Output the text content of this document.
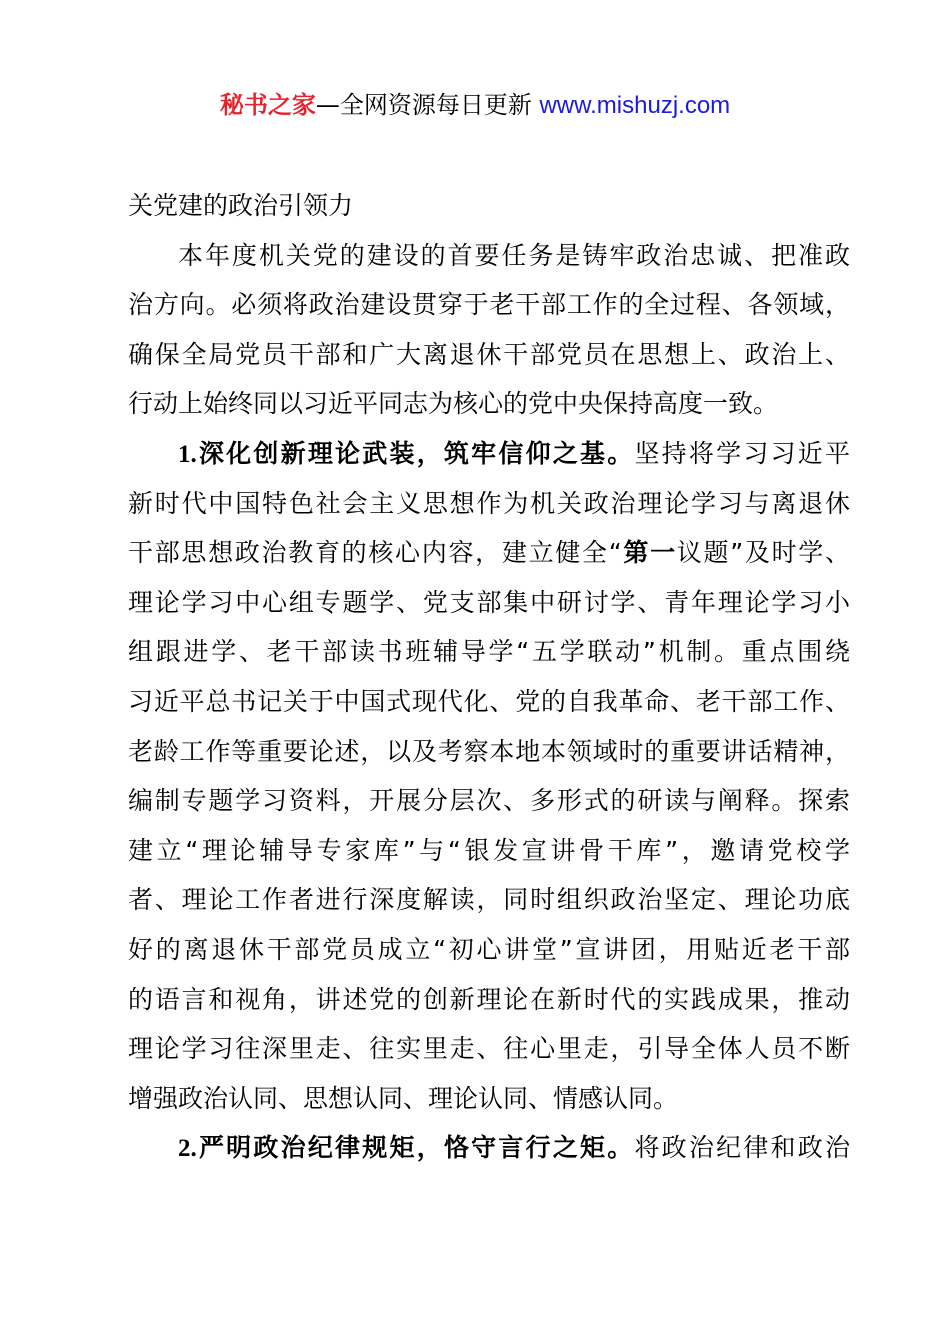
秘书之家—全网资源每日更新 www.mishuzj.com
关党建的政治引领力
本年度机关党的建设的首要任务是铸牢政治忠诚、把准政
治方向。必须将政治建设贯穿于老干部工作的全过程、各领域，
确保全局党员干部和广大离退休干部党员在思想上、政治上、
行动上始终同以习近平同志为核心的党中央保持高度一致。
1.深化创新理论武装，筑牢信仰之基。坚持将学习习近平
新时代中国特色社会主义思想作为机关政治理论学习与离退休
干部思想政治教育的核心内容，建立健全“第一议题”及时学、
理论学习中心组专题学、党支部集中研讨学、青年理论学习小
组跟进学、老干部读书班辅导学“五学联动”机制。重点围绕
习近平总书记关于中国式现代化、党的自我革命、老干部工作、
老龄工作等重要论述，以及考察本地本领域时的重要讲话精神，
编制专题学习资料，开展分层次、多形式的研读与阐释。探索
建立“理论辅导专家库”与“银发宣讲骨干库”，邀请党校学
者、理论工作者进行深度解读，同时组织政治坚定、理论功底
好的离退休干部党员成立“初心讲堂”宣讲团，用贴近老干部
的语言和视角，讲述党的创新理论在新时代的实践成果，推动
理论学习往深里走、往实里走、往心里走，引导全体人员不断
增强政治认同、思想认同、理论认同、情感认同。
2.严明政治纪律规矩，恪守言行之矩。将政治纪律和政治
